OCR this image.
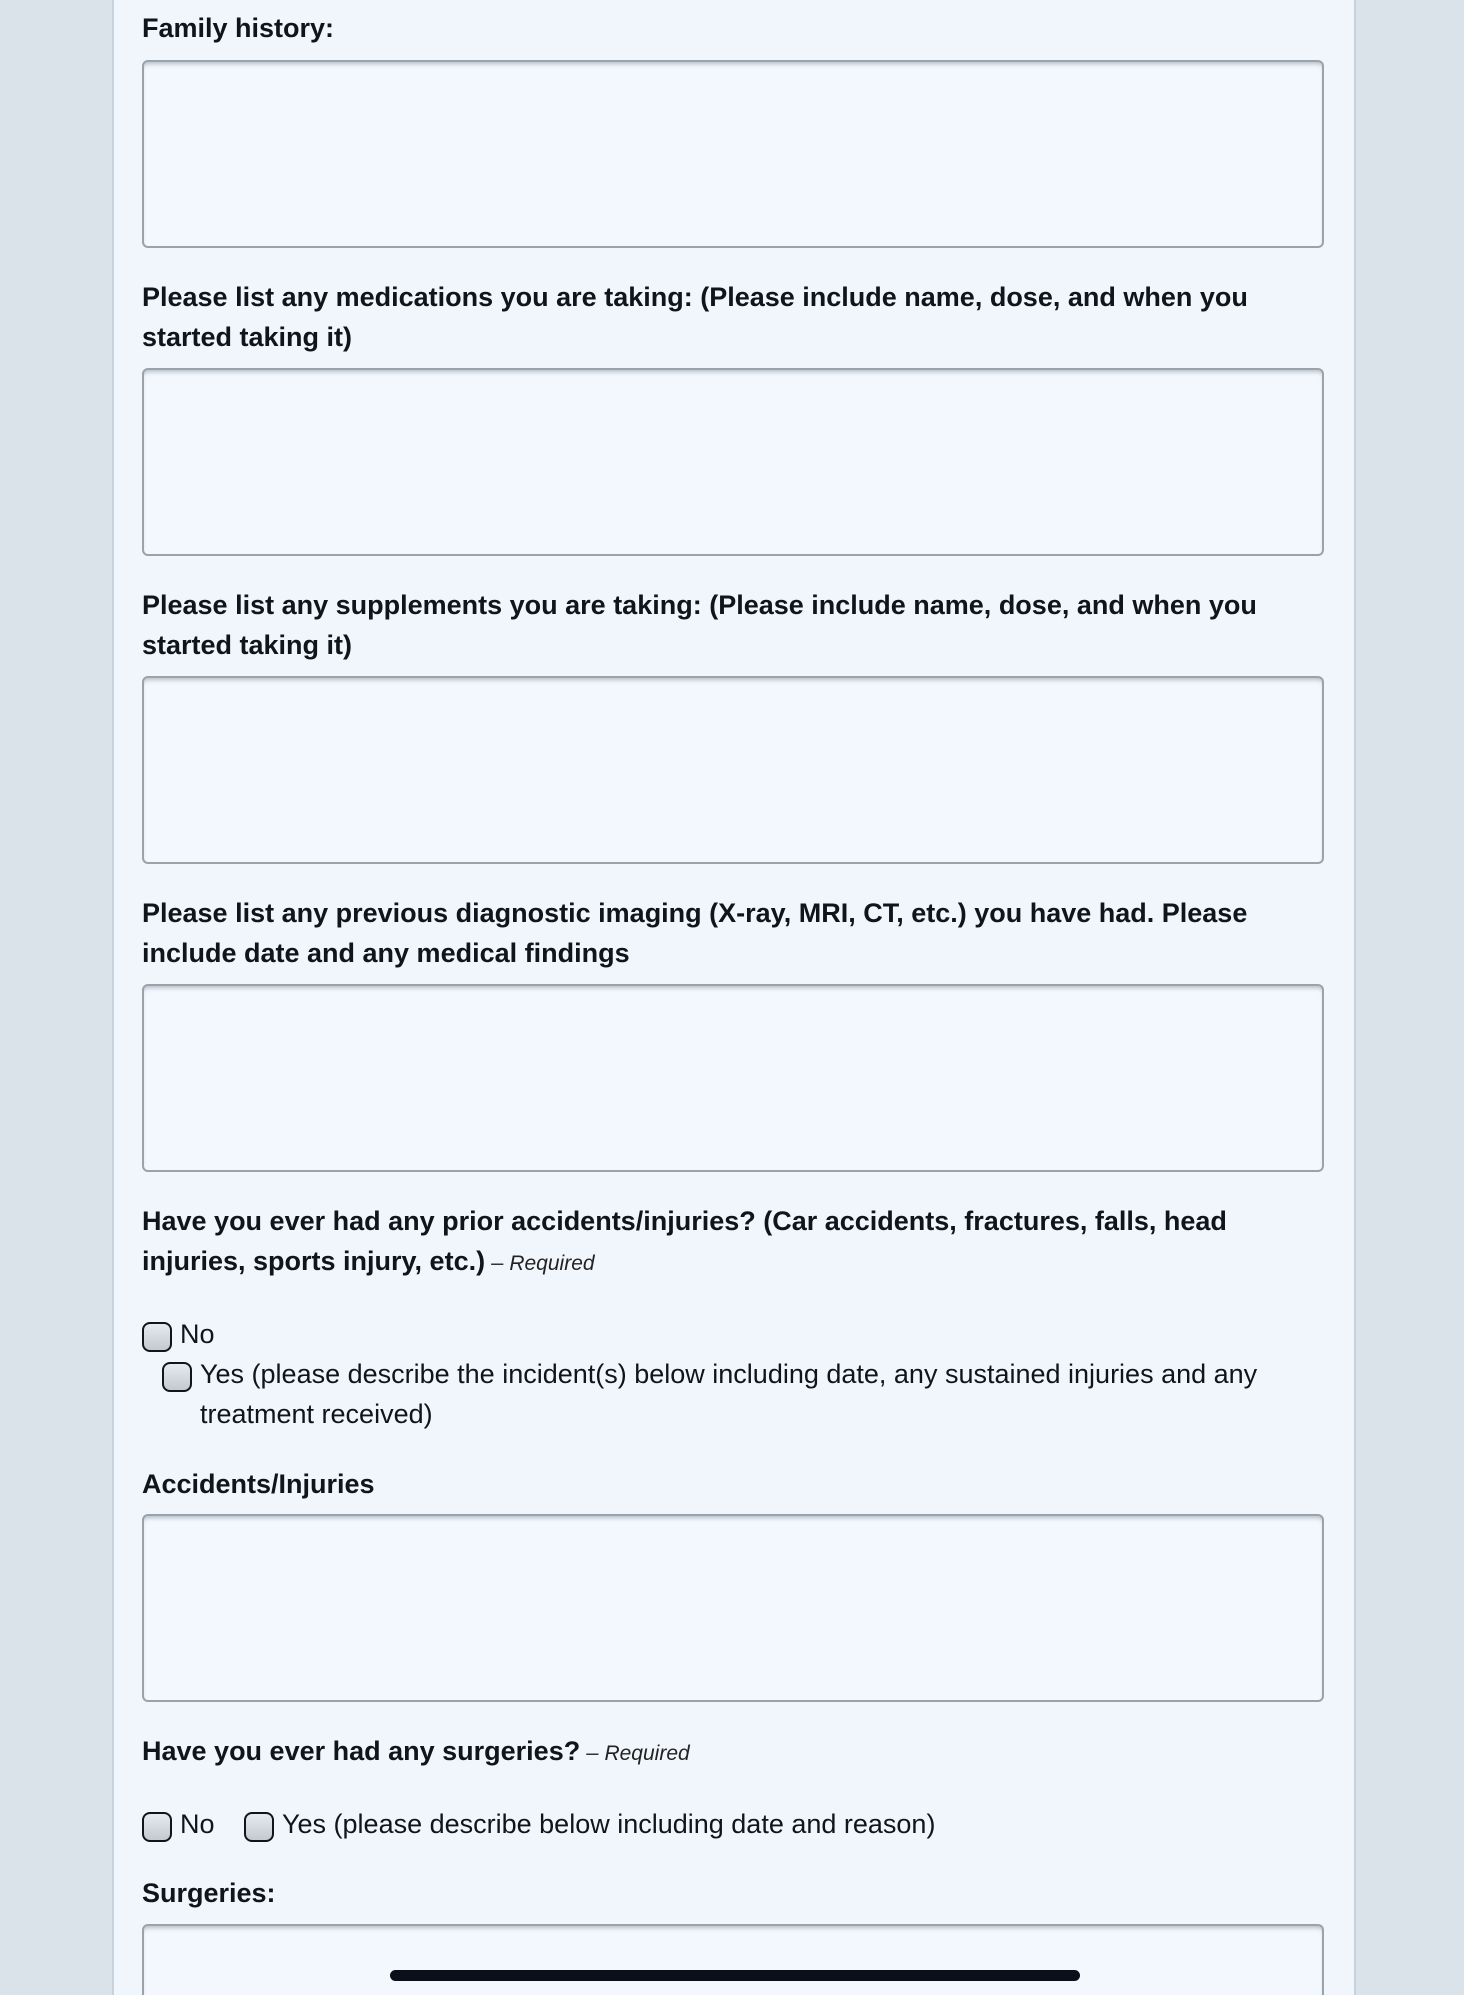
Family history:
Please list any medications you are taking: (Please include name, dose, and when you started taking it)
Please list any supplements you are taking: (Please include name, dose, and when you started taking it)
Please list any previous diagnostic imaging (X-ray, MRI, CT, etc.) you have had. Please include date and any medical findings
Have you ever had any prior accidents/injuries? (Car accidents, fractures, falls, head injuries, sports injury, etc.) – Required
No
Yes (please describe the incident(s) below including date, any sustained injuries and any treatment received)
Accidents/Injuries
Have you ever had any surgeries? – Required
No Yes (please describe below including date and reason)
Surgeries:
